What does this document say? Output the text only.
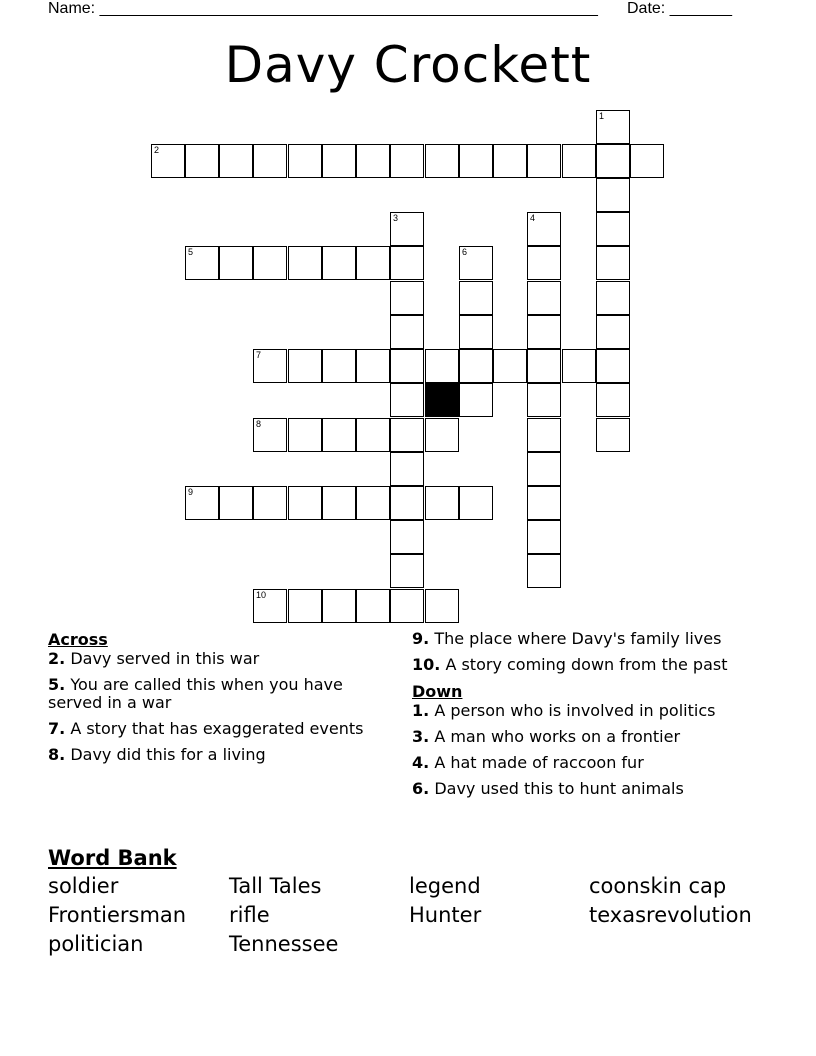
Name: ________________________________________________________ Date: _______
Davy Crockett
1
2
3	4
5	6
7
8
9
10
Across
2. Davy served in this war
5. You are called this when you have served in a war
7. A story that has exaggerated events
8. Davy did this for a living
9. The place where Davy's family lives
10. A story coming down from the past
Down
1. A person who is involved in politics
3. A man who works on a frontier
4. A hat made of raccoon fur
6. Davy used this to hunt animals
Word Bank
soldier	Tall Tales	legend	coonskin cap
Frontiersman	rifle	Hunter	texasrevolution
politician	Tennessee
